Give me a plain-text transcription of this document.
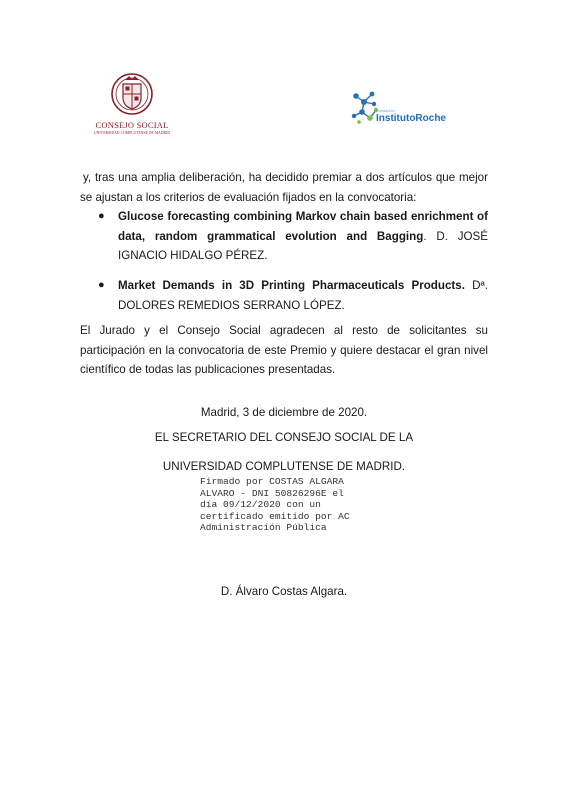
CONSEJO SOCIAL
UNIVERSIDAD COMPLUTENSE DE MADRID
Fundación
InstitutoRoche

y, tras una amplia deliberación, ha decidido premiar a dos artículos que mejor se ajustan a los criterios de evaluación fijados en la convocatoria:

● Glucose forecasting combining Markov chain based enrichment of data, random grammatical evolution and Bagging. D. JOSÉ IGNACIO HIDALGO PÉREZ.
● Market Demands in 3D Printing Pharmaceuticals Products. Dª. DOLORES REMEDIOS SERRANO LÓPEZ.

El Jurado y el Consejo Social agradecen al resto de solicitantes su participación en la convocatoria de este Premio y quiere destacar el gran nivel científico de todas las publicaciones presentadas.

Madrid, 3 de diciembre de 2020.

EL SECRETARIO DEL CONSEJO SOCIAL DE LA

UNIVERSIDAD COMPLUTENSE DE MADRID.

Firmado por COSTAS ALGARA
ALVARO - DNI 50826296E el
día 09/12/2020 con un
certificado emitido por AC
Administración Pública

D. Álvaro Costas Algara.
